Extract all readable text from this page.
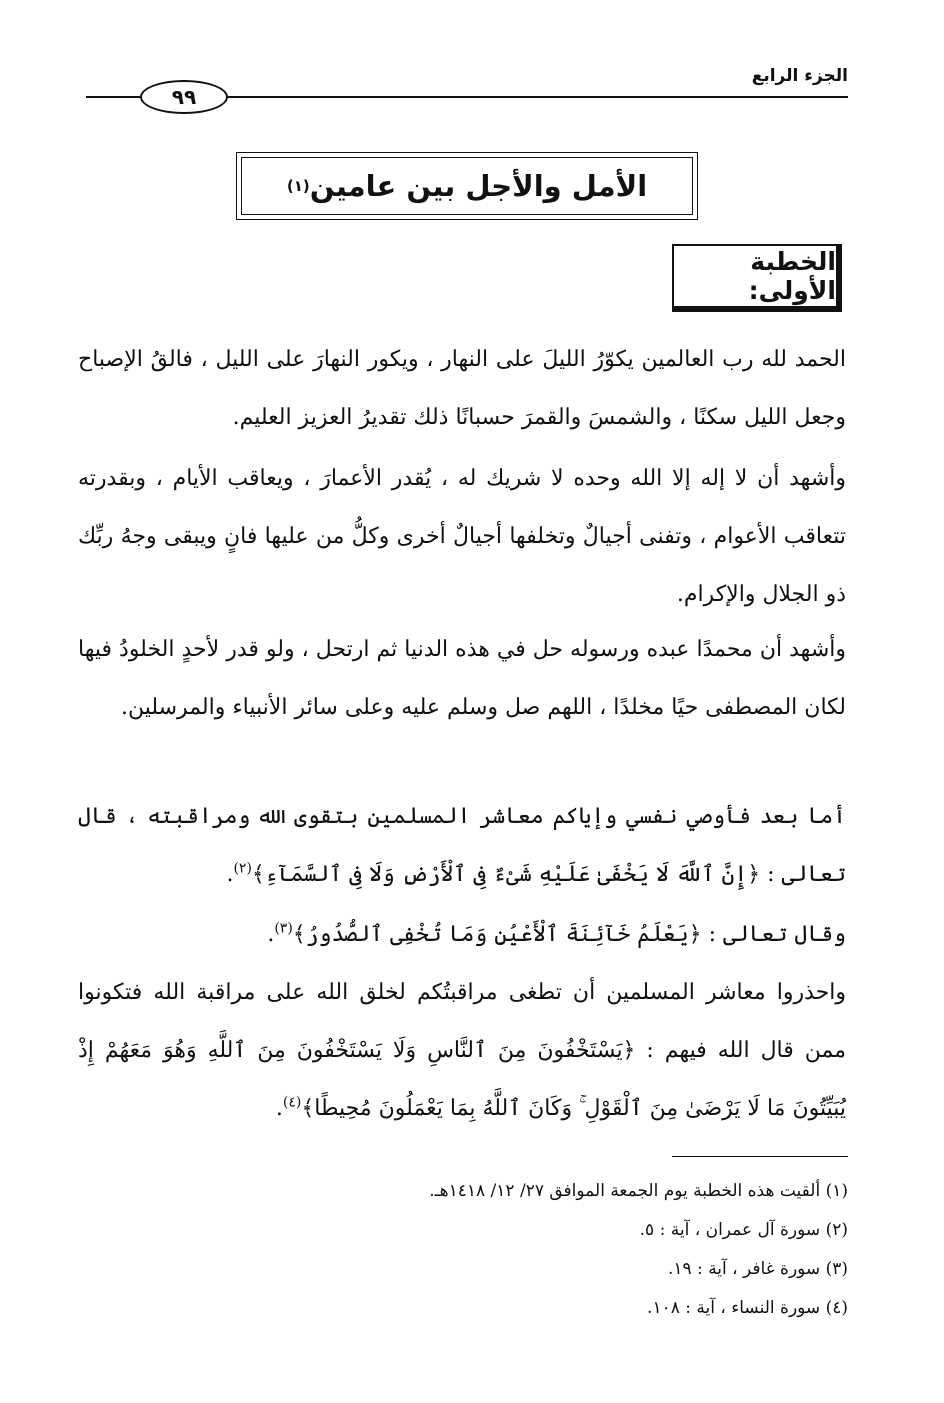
الجزء الرابع
٩٩
الأمل والأجل بين عامين
(١)
الخطبة الأولى:

الحمد لله رب العالمين يكوّرُ الليلَ على النهار ، ويكور النهارَ على الليل ، فالقُ الإصباح وجعل الليل سكنًا ، والشمسَ والقمرَ حسبانًا ذلك تقديرُ العزيز العليم.

وأشهد أن لا إله إلا الله وحده لا شريك له ، يُقدر الأعمارَ ، ويعاقب الأيام ، وبقدرته تتعاقب الأعوام ، وتفنى أجيالٌ وتخلفها أجيالٌ أخرى وكلُّ من عليها فانٍ ويبقى وجهُ ربِّك ذو الجلال والإكرام.

وأشهد أن محمدًا عبده ورسوله حل في هذه الدنيا ثم ارتحل ، ولو قدر لأحدٍ الخلودُ فيها لكان المصطفى حيًا مخلدًا ، اللهم صل وسلم عليه وعلى سائر الأنبياء والمرسلين.

أما بعد فأوصي نفسي وإياكم معاشر المسلمين بتقوى الله ومراقبته ، قال تعالى : ﴿إِنَّ ٱللَّهَ لَا يَخْفَىٰ عَلَيْهِ شَىْءٌ فِى ٱلْأَرْضِ وَلَا فِى ٱلسَّمَآءِ﴾$^{(٢)}$.

وقال تعالى : ﴿يَعْلَمُ خَآئِنَةَ ٱلْأَعْيُنِ وَمَا تُخْفِى ٱلصُّدُورُ﴾$^{(٣)}$.

واحذروا معاشر المسلمين أن تطغى مراقبتُكم لخلق الله على مراقبة الله فتكونوا ممن قال الله فيهم : ﴿يَسْتَخْفُونَ مِنَ ٱلنَّاسِ وَلَا يَسْتَخْفُونَ مِنَ ٱللَّهِ وَهُوَ مَعَهُمْ إِذْ يُبَيِّتُونَ مَا لَا يَرْضَىٰ مِنَ ٱلْقَوْلِ ۚ وَكَانَ ٱللَّهُ بِمَا يَعْمَلُونَ مُحِيطًا﴾$^{(٤)}$.

(١) ألقيت هذه الخطبة يوم الجمعة الموافق ٢٧/ ١٢/ ١٤١٨هـ.
(٢) سورة آل عمران ، آية : ٥.
(٣) سورة غافر ، آية : ١٩.
(٤) سورة النساء ، آية : ١٠٨.
